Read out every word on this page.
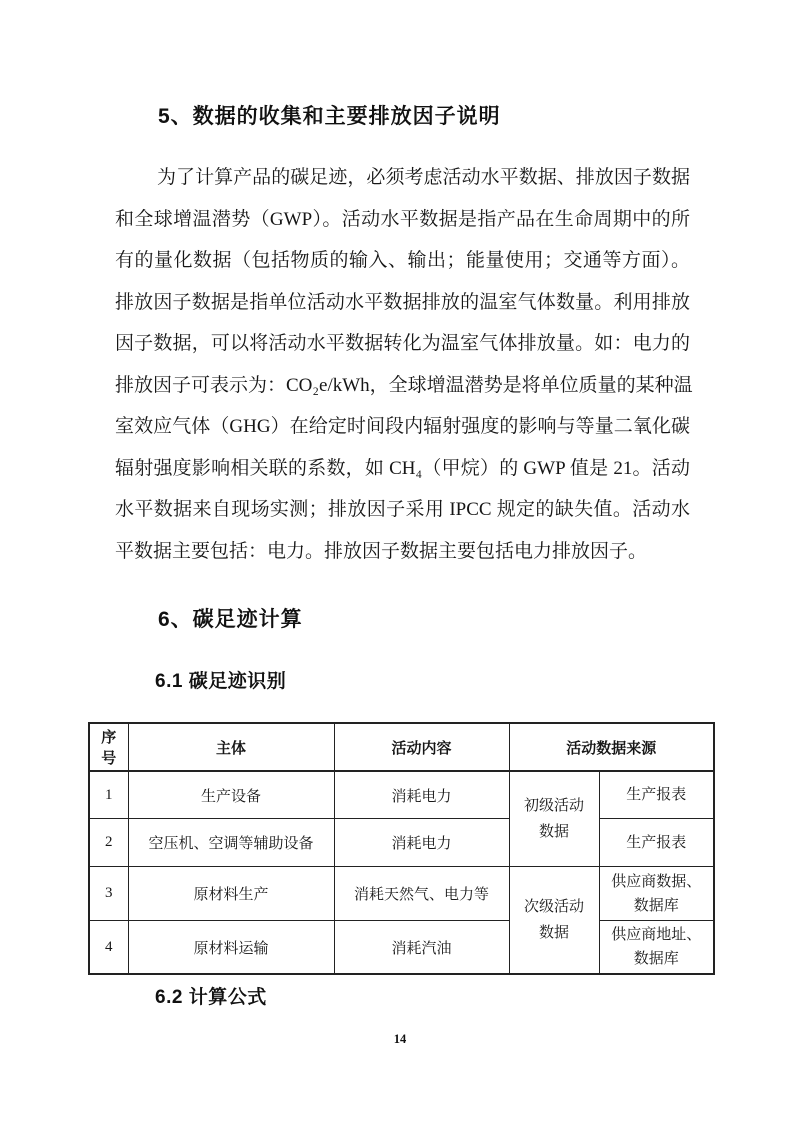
5、数据的收集和主要排放因子说明
为了计算产品的碳足迹，必须考虑活动水平数据、排放因子数据
和全球增温潜势（GWP）。活动水平数据是指产品在生命周期中的所
有的量化数据（包括物质的输入、输出；能量使用；交通等方面）。
排放因子数据是指单位活动水平数据排放的温室气体数量。利用排放
因子数据，可以将活动水平数据转化为温室气体排放量。如：电力的
排放因子可表示为：CO₂e/kWh，全球增温潜势是将单位质量的某种温
室效应气体（GHG）在给定时间段内辐射强度的影响与等量二氧化碳
辐射强度影响相关联的系数，如 CH₄（甲烷）的 GWP 值是 21。活动
水平数据来自现场实测；排放因子采用 IPCC 规定的缺失值。活动水
平数据主要包括：电力。排放因子数据主要包括电力排放因子。
6、碳足迹计算
6.1 碳足迹识别
序号	主体	活动内容	活动数据来源	
1	生产设备	消耗电力	初级活动数据	生产报表
2	空压机、空调等辅助设备	消耗电力		生产报表
3	原材料生产	消耗天然气、电力等	次级活动数据	供应商数据、数据库
4	原材料运输	消耗汽油		供应商地址、数据库
6.2 计算公式
14
